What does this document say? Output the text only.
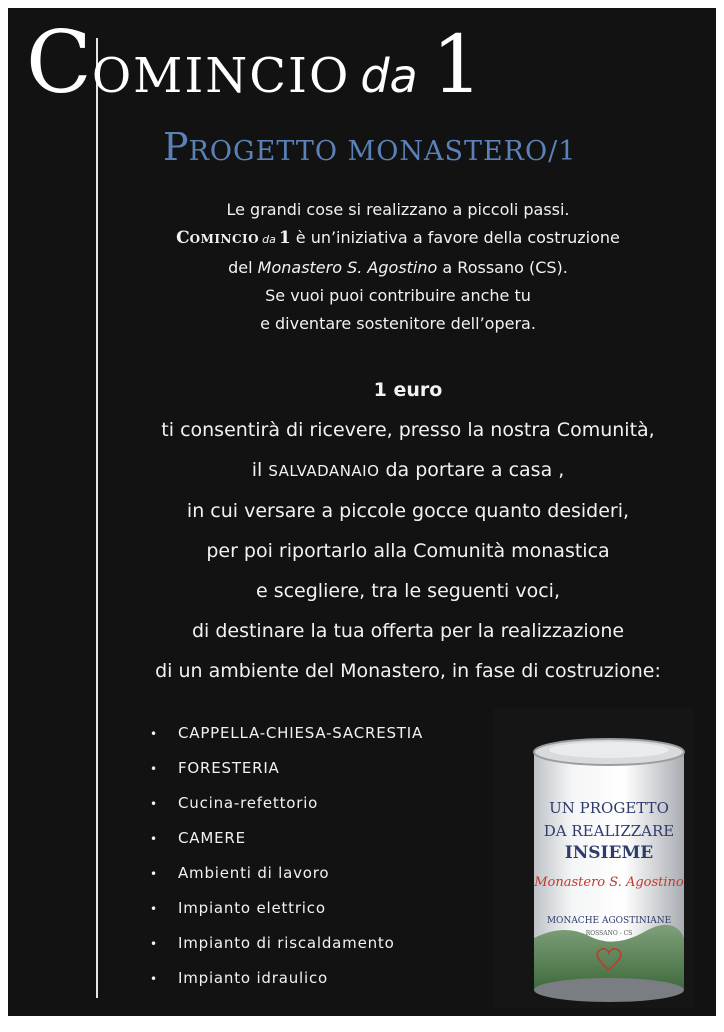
COMINCIO da 1
PROGETTO MONASTERO/1

Le grandi cose si realizzano a piccoli passi.

COMINCIO da 1 è un’iniziativa a favore della costruzione

del Monastero S. Agostino a Rossano (CS).

Se vuoi puoi contribuire anche tu

e diventare sostenitore dell’opera.

1 euro

ti consentirà di ricevere, presso la nostra Comunità,

il SALVADANAIO da portare a casa ,

in cui versare a piccole gocce quanto desideri,

per poi riportarlo alla Comunità monastica

e scegliere, tra le seguenti voci,

di destinare la tua offerta per la realizzazione

di un ambiente del Monastero, in fase di costruzione:

• CAPPELLA-CHIESA-SACRESTIA
• FORESTERIA
• Cucina-refettorio
• CAMERE
• Ambienti di lavoro
• Impianto elettrico
• Impianto di riscaldamento
• Impianto idraulico
UN PROGETTO
DA REALIZZARE
INSIEME
Monastero S. Agostino
MONACHE AGOSTINIANE
ROSSANO - CS
